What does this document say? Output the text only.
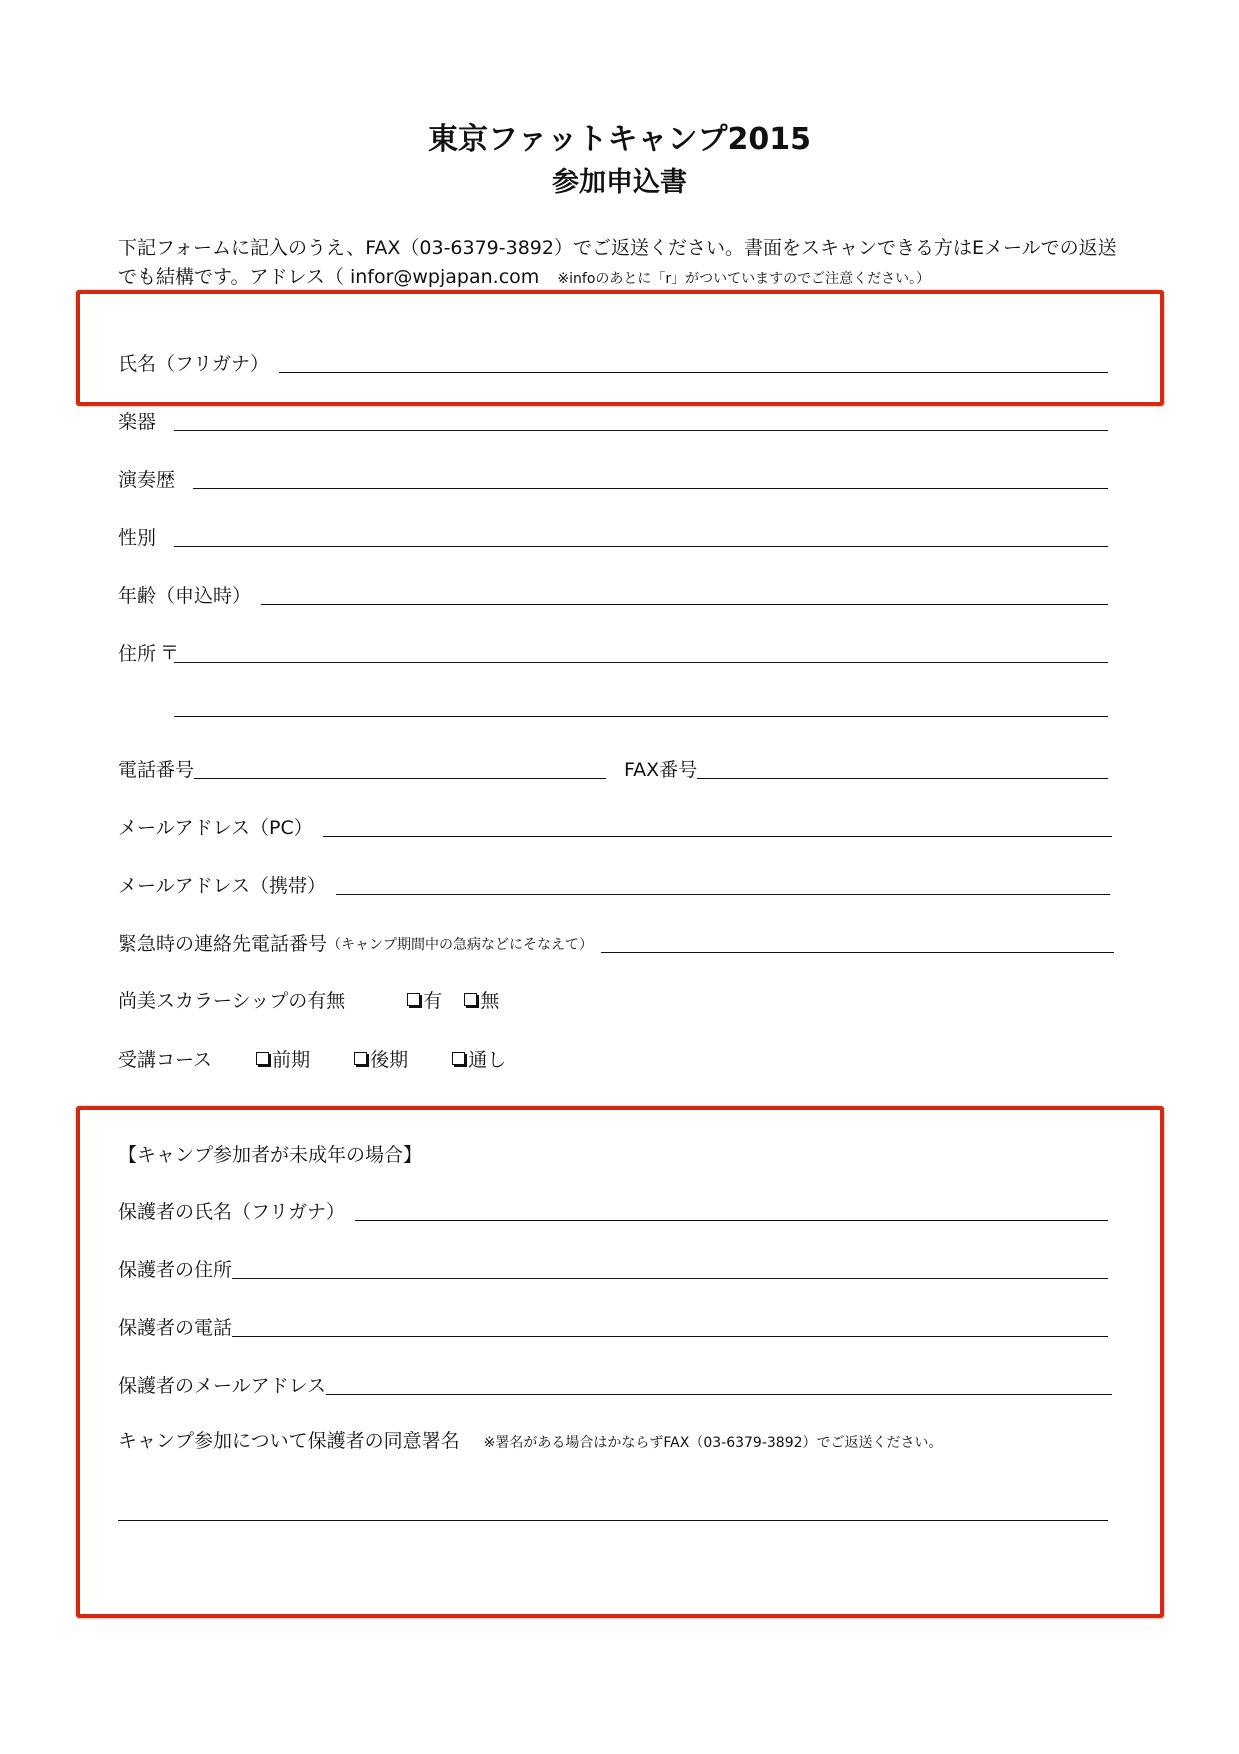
東京ファットキャンプ2015
参加申込書
下記フォームに記入のうえ、FAX（03-6379-3892）でご返送ください。書面をスキャンできる方はEメールでの返送
でも結構です。アドレス（ infor@wpjapan.com ※infoのあとに「r」がついていますのでご注意ください。）
氏名（フリガナ）
楽器
演奏歴
性別
年齢（申込時）
住所 〒
電話番号	FAX番号
メールアドレス（PC）
メールアドレス（携帯）
緊急時の連絡先電話番号 （キャンプ期間中の急病などにそなえて）
尚美スカラーシップの有無	有 無
受講コース	前期	後期	通し
【キャンプ参加者が未成年の場合】
保護者の氏名（フリガナ）
保護者の住所
保護者の電話
保護者のメールアドレス
キャンプ参加について保護者の同意署名 ※署名がある場合はかならずFAX（03-6379-3892）でご返送ください。
